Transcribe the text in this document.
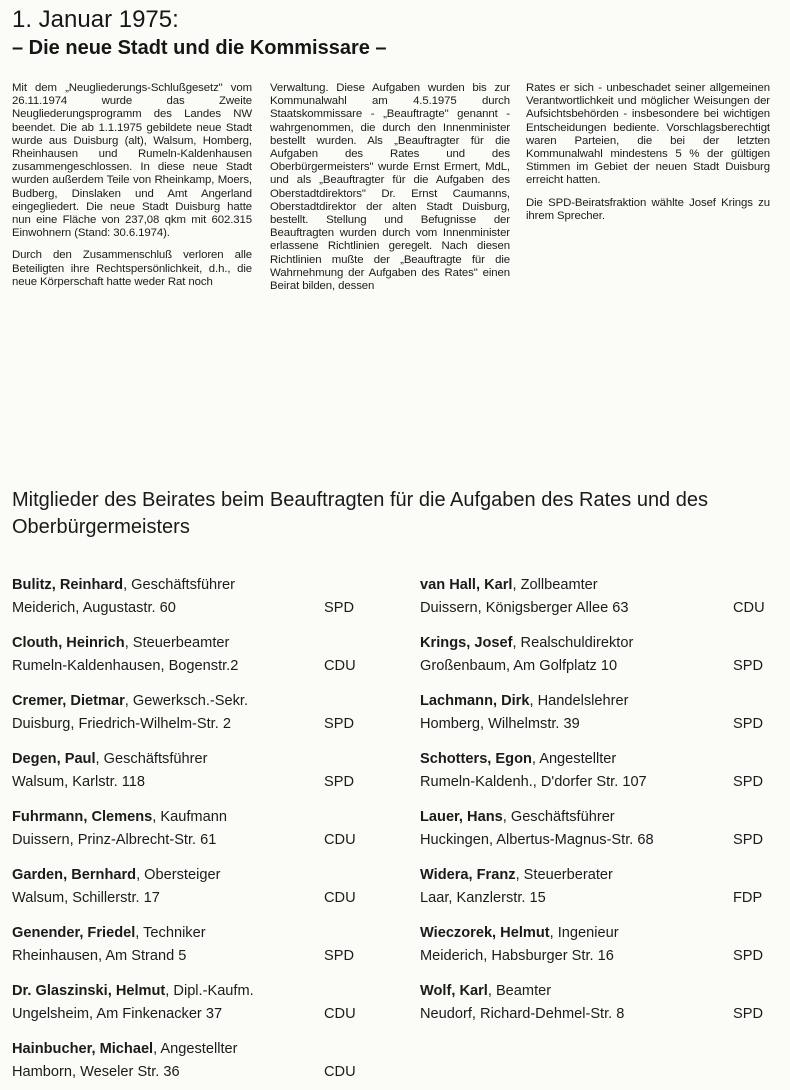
1. Januar 1975:
– Die neue Stadt und die Kommissare –

Mit dem „Neugliederungs-Schlußgesetz" vom 26.11.1974 wurde das Zweite Neugliederungsprogramm des Landes NW beendet. Die ab 1.1.1975 gebildete neue Stadt wurde aus Duisburg (alt), Walsum, Homberg, Rheinhausen und Rumeln-Kaldenhausen zusammengeschlossen. In diese neue Stadt wurden außerdem Teile von Rheinkamp, Moers, Budberg, Dinslaken und Amt Angerland eingegliedert. Die neue Stadt Duisburg hatte nun eine Fläche von 237,08 qkm mit 602.315 Einwohnern (Stand: 30.6.1974).

Durch den Zusammenschluß verloren alle Beteiligten ihre Rechtspersönlichkeit, d.h., die neue Körperschaft hatte weder Rat noch

Verwaltung. Diese Aufgaben wurden bis zur Kommunalwahl am 4.5.1975 durch Staatskommissare - „Beauftragte" genannt - wahrgenommen, die durch den Innenminister bestellt wurden. Als „Beauftragter für die Aufgaben des Rates und des Oberbürgermeisters" wurde Ernst Ermert, MdL, und als „Beauftragter für die Aufgaben des Oberstadtdirektors" Dr. Ernst Caumanns, Oberstadtdirektor der alten Stadt Duisburg, bestellt. Stellung und Befugnisse der Beauftragten wurden durch vom Innenminister erlassene Richtlinien geregelt. Nach diesen Richtlinien mußte der „Beauftragte für die Wahrnehmung der Aufgaben des Rates" einen Beirat bilden, dessen

Rates er sich - unbeschadet seiner allgemeinen Verantwortlichkeit und möglicher Weisungen der Aufsichtsbehörden - insbesondere bei wichtigen Entscheidungen bediente. Vorschlagsberechtigt waren Parteien, die bei der letzten Kommunalwahl mindestens 5 % der gültigen Stimmen im Gebiet der neuen Stadt Duisburg erreicht hatten.

Die SPD-Beiratsfraktion wählte Josef Krings zu ihrem Sprecher.

Mitglieder des Beirates beim Beauftragten für die Aufgaben des Rates und des Oberbürgermeisters
Bulitz, Reinhard, Geschäftsführer
Meiderich, Augustastr. 60	SPD
Clouth, Heinrich, Steuerbeamter
Rumeln-Kaldenhausen, Bogenstr.2	CDU
Cremer, Dietmar, Gewerksch.-Sekr.
Duisburg, Friedrich-Wilhelm-Str. 2	SPD
Degen, Paul, Geschäftsführer
Walsum, Karlstr. 118	SPD
Fuhrmann, Clemens, Kaufmann
Duissern, Prinz-Albrecht-Str. 61	CDU
Garden, Bernhard, Obersteiger
Walsum, Schillerstr. 17	CDU
Genender, Friedel, Techniker
Rheinhausen, Am Strand 5	SPD
Dr. Glaszinski, Helmut, Dipl.-Kaufm.
Ungelsheim, Am Finkenacker 37	CDU
Hainbucher, Michael, Angestellter
Hamborn, Weseler Str. 36	CDU
van Hall, Karl, Zollbeamter
Duissern, Königsberger Allee 63	CDU
Krings, Josef, Realschuldirektor
Großenbaum, Am Golfplatz 10	SPD
Lachmann, Dirk, Handelslehrer
Homberg, Wilhelmstr. 39	SPD
Schotters, Egon, Angestellter
Rumeln-Kaldenh., D'dorfer Str. 107	SPD
Lauer, Hans, Geschäftsführer
Huckingen, Albertus-Magnus-Str. 68	SPD
Widera, Franz, Steuerberater
Laar, Kanzlerstr. 15	FDP
Wieczorek, Helmut, Ingenieur
Meiderich, Habsburger Str. 16	SPD
Wolf, Karl, Beamter
Neudorf, Richard-Dehmel-Str. 8	SPD
